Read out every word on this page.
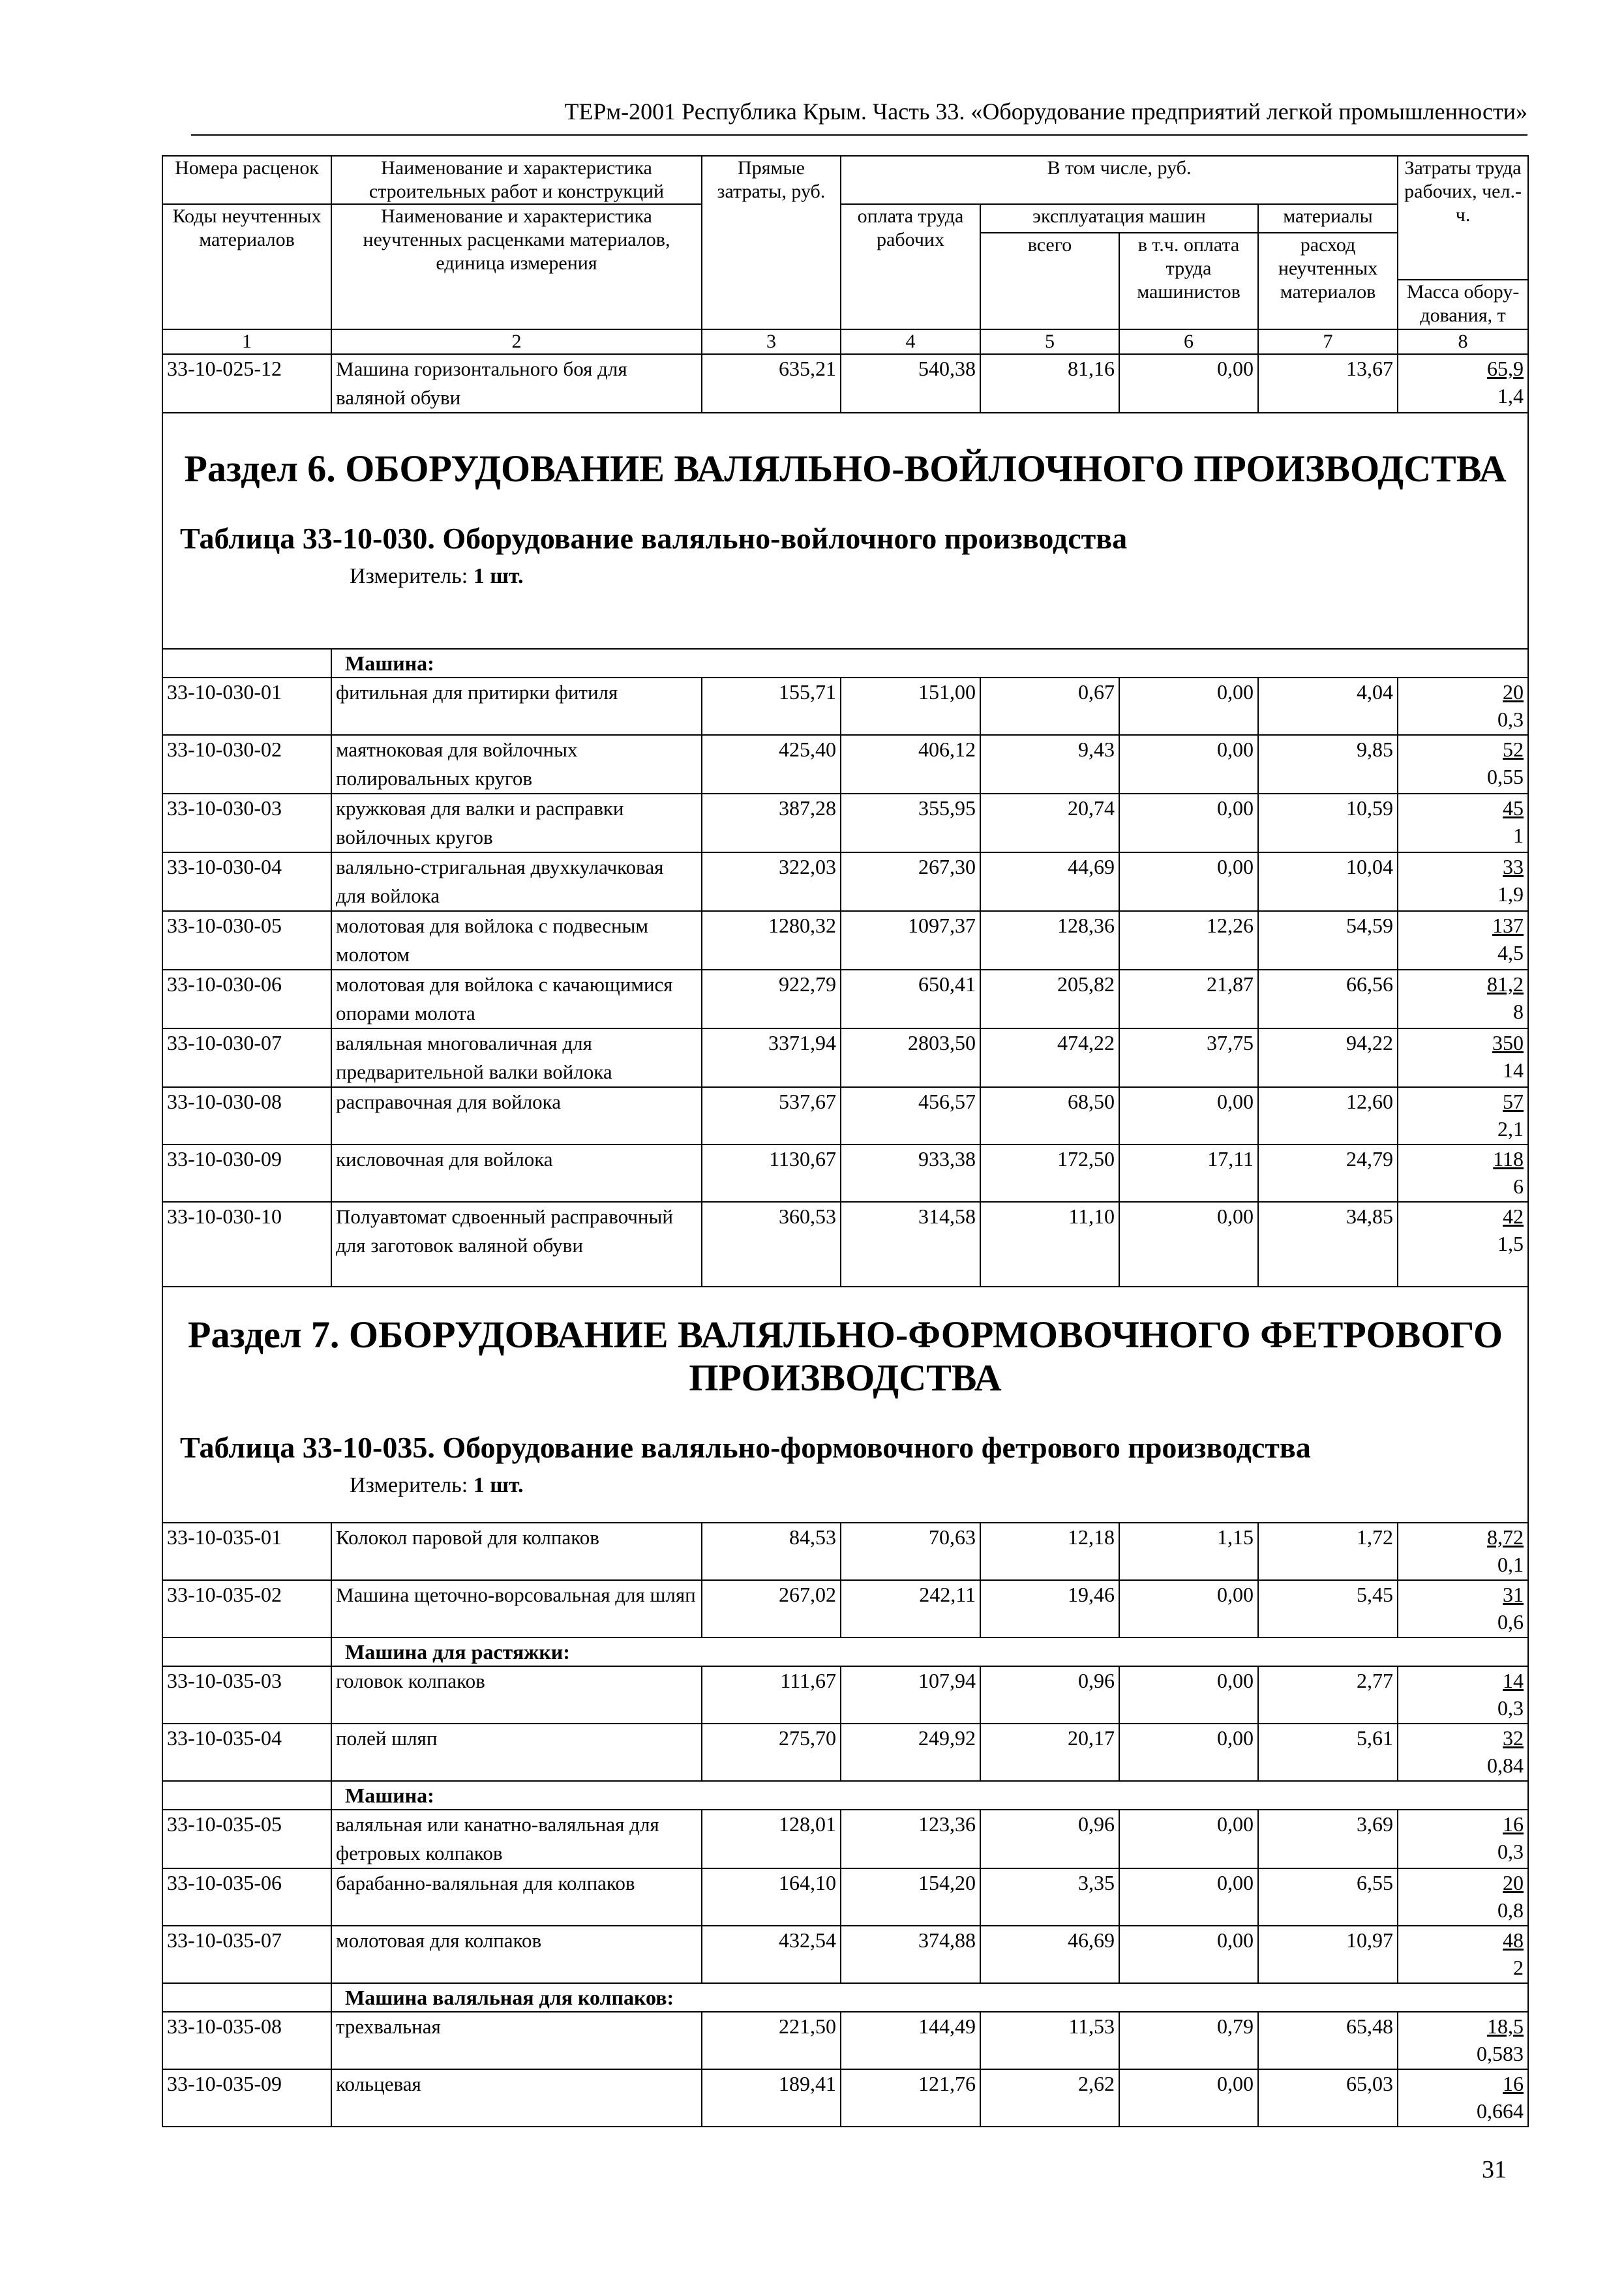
ТЕРм-2001 Республика Крым. Часть 33. «Оборудование предприятий легкой промышленности»
Номера расценок	Наименование и характеристика строительных работ и конструкций	Прямые затраты, руб.	В том числе, руб.				Затраты труда рабочих, чел.-ч.
Коды неучтенных материалов	Наименование и характеристика неучтенных расценками материалов, единица измерения		оплата труда рабочих	эксплуатация машин		материалы	
				всего	в т.ч. оплата труда машинистов	расход неучтенных материалов	
							Масса обору-дования, т
1	2	3	4	5	6	7	8
33-10-025-12	Машина горизонтального боя для валяной обуви	635,21	540,38	81,16	0,00	13,67	65,9
1,4

Раздел 6. ОБОРУДОВАНИЕ ВАЛЯЛЬНО-ВОЙЛОЧНОГО ПРОИЗВОДСТВА
Таблица 33-10-030. Оборудование валяльно-войлочного производства
Измеритель: 1 шт.							

	Машина:						
33-10-030-01	фитильная для притирки фитиля	155,71	151,00	0,67	0,00	4,04	20
0,3

33-10-030-02	маятноковая для войлочных полировальных кругов	425,40	406,12	9,43	0,00	9,85	52
0,55

33-10-030-03	кружковая для валки и расправки войлочных кругов	387,28	355,95	20,74	0,00	10,59	45
1

33-10-030-04	валяльно-стригальная двухкулачковая для войлока	322,03	267,30	44,69	0,00	10,04	33
1,9

33-10-030-05	молотовая для войлока с подвесным молотом	1280,32	1097,37	128,36	12,26	54,59	137
4,5

33-10-030-06	молотовая для войлока с качающимися опорами молота	922,79	650,41	205,82	21,87	66,56	81,2
8

33-10-030-07	валяльная многоваличная для предварительной валки войлока	3371,94	2803,50	474,22	37,75	94,22	350
14

33-10-030-08	расправочная для войлока	537,67	456,57	68,50	0,00	12,60	57
2,1

33-10-030-09	кисловочная для войлока	1130,67	933,38	172,50	17,11	24,79	118
6

33-10-030-10	Полуавтомат сдвоенный расправочный для заготовок валяной обуви	360,53	314,58	11,10	0,00	34,85	42
1,5

Раздел 7. ОБОРУДОВАНИЕ ВАЛЯЛЬНО-ФОРМОВОЧНОГО ФЕТРОВОГО ПРОИЗВОДСТВА
Таблица 33-10-035. Оборудование валяльно-формовочного фетрового производства
Измеритель: 1 шт.							

33-10-035-01	Колокол паровой для колпаков	84,53	70,63	12,18	1,15	1,72	8,72
0,1

33-10-035-02	Машина щеточно-ворсовальная для шляп	267,02	242,11	19,46	0,00	5,45	31
0,6

	Машина для растяжки:						
33-10-035-03	головок колпаков	111,67	107,94	0,96	0,00	2,77	14
0,3

33-10-035-04	полей шляп	275,70	249,92	20,17	0,00	5,61	32
0,84

	Машина:						
33-10-035-05	валяльная или канатно-валяльная для фетровых колпаков	128,01	123,36	0,96	0,00	3,69	16
0,3

33-10-035-06	барабанно-валяльная для колпаков	164,10	154,20	3,35	0,00	6,55	20
0,8

33-10-035-07	молотовая для колпаков	432,54	374,88	46,69	0,00	10,97	48
2

	Машина валяльная для колпаков:						
33-10-035-08	трехвальная	221,50	144,49	11,53	0,79	65,48	18,5
0,583

33-10-035-09	кольцевая	189,41	121,76	2,62	0,00	65,03	16
0,664
31
